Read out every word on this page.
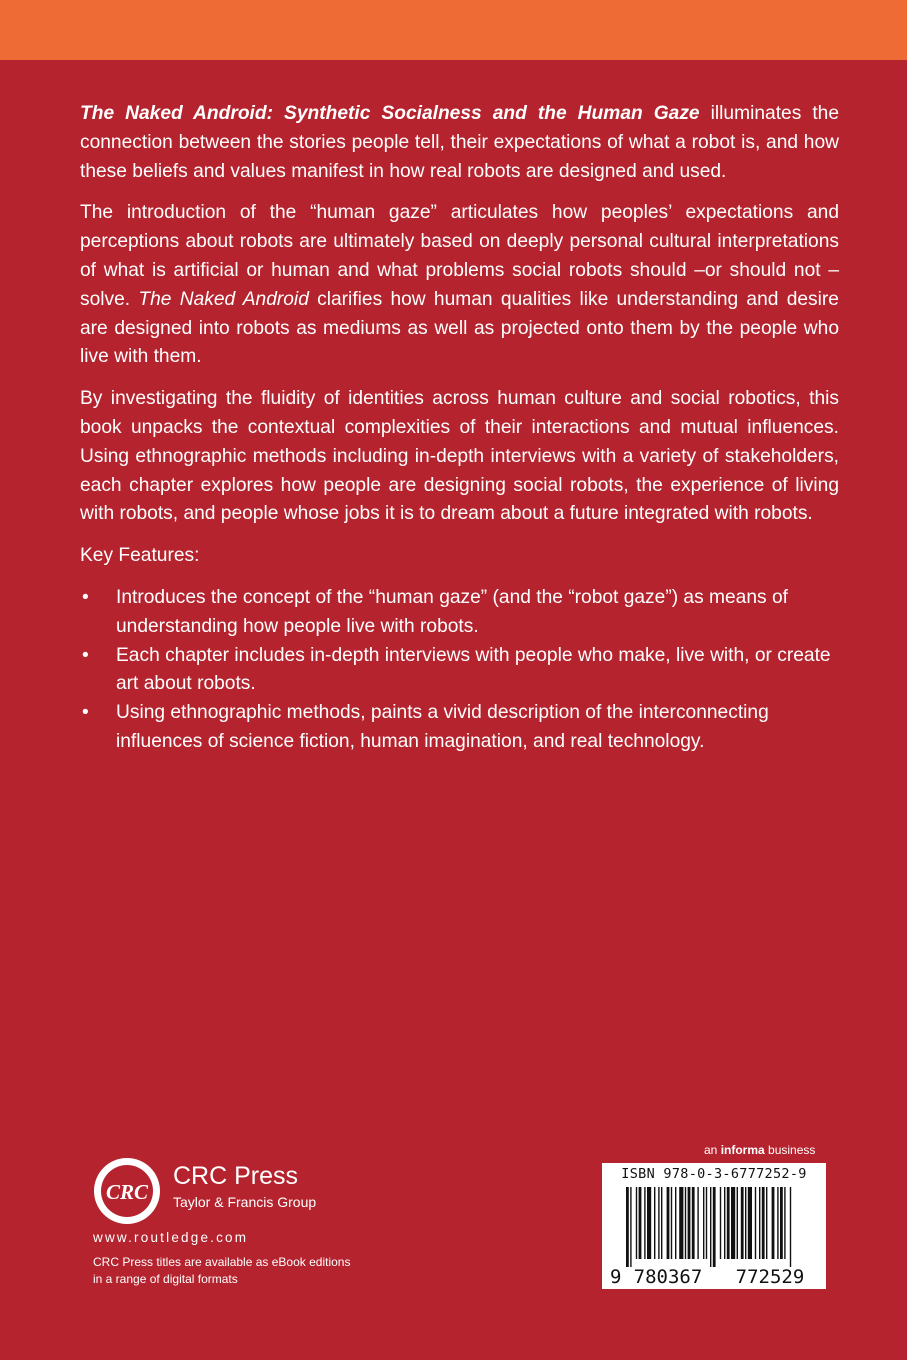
The Naked Android: Synthetic Socialness and the Human Gaze illuminates the connection between the stories people tell, their expectations of what a robot is, and how these beliefs and values manifest in how real robots are designed and used.

The introduction of the “human gaze” articulates how peoples’ expectations and perceptions about robots are ultimately based on deeply personal cultural interpretations of what is artificial or human and what problems social robots should –or should not –solve. The Naked Android clarifies how human qualities like understanding and desire are designed into robots as mediums as well as projected onto them by the people who live with them.

By investigating the fluidity of identities across human culture and social robotics, this book unpacks the contextual complexities of their interactions and mutual influences. Using ethnographic methods including in-depth interviews with a variety of stakeholders, each chapter explores how people are designing social robots, the experience of living with robots, and people whose jobs it is to dream about a future integrated with robots.

Key Features:

• Introduces the concept of the “human gaze” (and the “robot gaze”) as means of understanding how people live with robots.
• Each chapter includes in-depth interviews with people who make, live with, or create art about robots.
• Using ethnographic methods, paints a vivid description of the interconnecting influences of science fiction, human imagination, and real technology.
CRC
CRC Press
Taylor & Francis Group
www.routledge.com
CRC Press titles are available as eBook editions
in a range of digital formats
an informa business
ISBN 978-0-3-6777252-9
9 780367 772529
